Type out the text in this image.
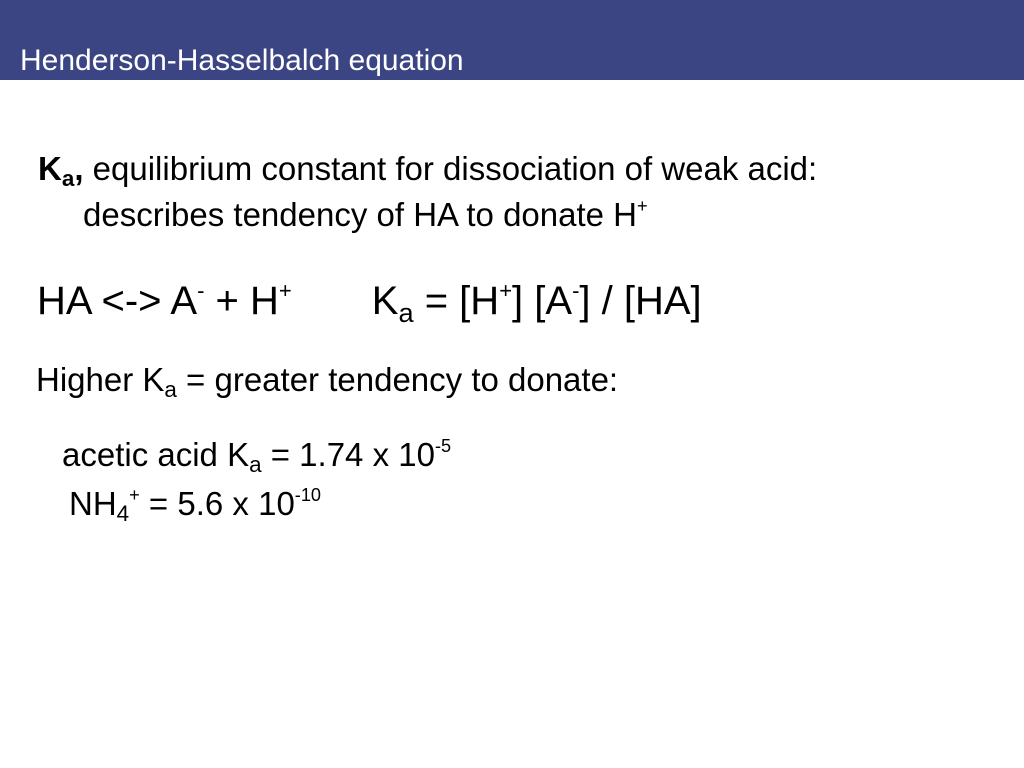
Henderson-Hasselbalch equation
$K_a$, equilibrium constant for dissociation of weak acid:
describes tendency of HA to donate H+
HA <-> A- + H+ $K_a = [H^+]$ [A-] / [HA]
Higher $K_a$ = greater tendency to donate:
acetic acid $K_a = 1.74$ x $10^{-5}$
$NH_4^+ = 5.6$ x $10^{-10}$
